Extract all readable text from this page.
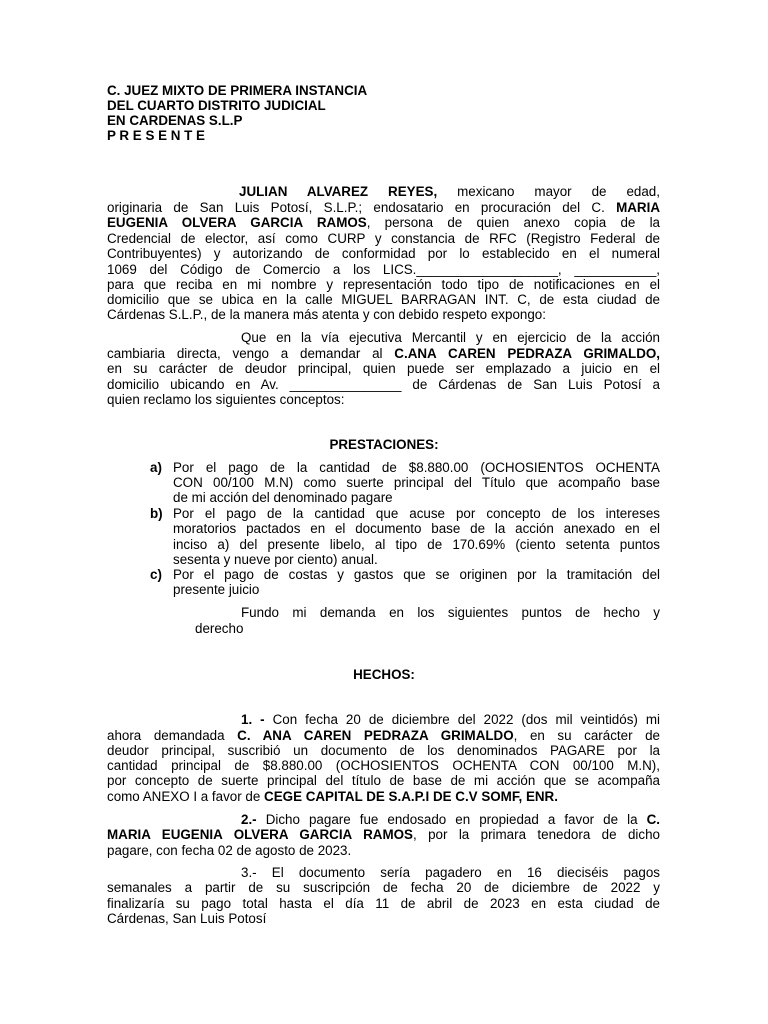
C. JUEZ MIXTO DE PRIMERA INSTANCIA
DEL CUARTO DISTRITO JUDICIAL
EN CARDENAS S.L.P
P R E S E N T E
JULIAN ALVAREZ REYES, mexicano mayor de edad,
originaria de San Luis Potosí, S.L.P.; endosatario en procuración del C. MARIA
EUGENIA OLVERA GARCIA RAMOS, persona de quien anexo copia de la
Credencial de elector, así como CURP y constancia de RFC (Registro Federal de
Contribuyentes) y autorizando de conformidad por lo establecido en el numeral
1069 del Código de Comercio a los LICS.___________________, ___________,
para que reciba en mi nombre y representación todo tipo de notificaciones en el
domicilio que se ubica en la calle MIGUEL BARRAGAN INT. C, de esta ciudad de
Cárdenas S.L.P., de la manera más atenta y con debido respeto expongo:
Que en la vía ejecutiva Mercantil y en ejercicio de la acción
cambiaria directa, vengo a demandar al C.ANA CAREN PEDRAZA GRIMALDO,
en su carácter de deudor principal, quien puede ser emplazado a juicio en el
domicilio ubicando en Av. _______________ de Cárdenas de San Luis Potosí a
quien reclamo los siguientes conceptos:
PRESTACIONES:
a) Por el pago de la cantidad de $8.880.00 (OCHOSIENTOS OCHENTA
CON 00/100 M.N) como suerte principal del Título que acompaño base
de mi acción del denominado pagare
b) Por el pago de la cantidad que acuse por concepto de los intereses
moratorios pactados en el documento base de la acción anexado en el
inciso a) del presente libelo, al tipo de 170.69% (ciento setenta puntos
sesenta y nueve por ciento) anual.
c) Por el pago de costas y gastos que se originen por la tramitación del
presente juicio
Fundo mi demanda en los siguientes puntos de hecho y
derecho
HECHOS:
1. - Con fecha 20 de diciembre del 2022 (dos mil veintidós) mi
ahora demandada C. ANA CAREN PEDRAZA GRIMALDO, en su carácter de
deudor principal, suscribió un documento de los denominados PAGARE por la
cantidad principal de $8.880.00 (OCHOSIENTOS OCHENTA CON 00/100 M.N),
por concepto de suerte principal del título de base de mi acción que se acompaña
como ANEXO I a favor de CEGE CAPITAL DE S.A.P.I DE C.V SOMF, ENR.
2.- Dicho pagare fue endosado en propiedad a favor de la C.
MARIA EUGENIA OLVERA GARCIA RAMOS, por la primara tenedora de dicho
pagare, con fecha 02 de agosto de 2023.
3.- El documento sería pagadero en 16 dieciséis pagos
semanales a partir de su suscripción de fecha 20 de diciembre de 2022 y
finalizaría su pago total hasta el día 11 de abril de 2023 en esta ciudad de
Cárdenas, San Luis Potosí
